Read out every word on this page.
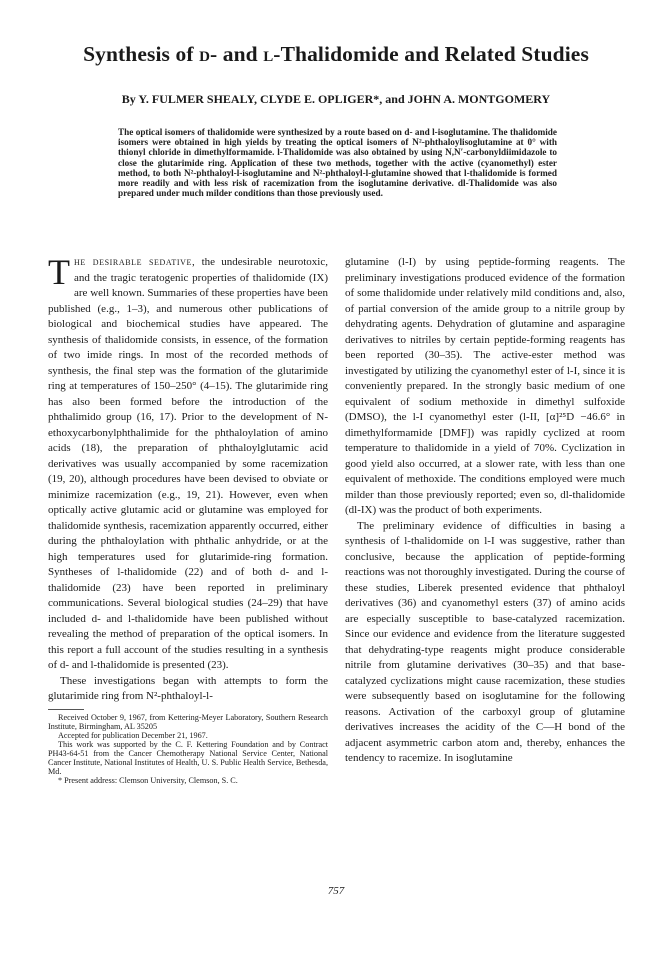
Synthesis of d- and l-Thalidomide and Related Studies
By Y. FULMER SHEALY, CLYDE E. OPLIGER*, and JOHN A. MONTGOMERY
The optical isomers of thalidomide were synthesized by a route based on d- and l-isoglutamine. The thalidomide isomers were obtained in high yields by treating the optical isomers of N²-phthaloylisoglutamine at 0° with thionyl chloride in dimethylformamide. l-Thalidomide was also obtained by using N,N′-carbonyldiimidazole to close the glutarimide ring. Application of these two methods, together with the active (cyanomethyl) ester method, to both N²-phthaloyl-l-isoglutamine and N²-phthaloyl-l-glutamine showed that l-thalidomide is formed more readily and with less risk of racemization from the isoglutamine derivative. dl-Thalidomide was also prepared under much milder conditions than those previously used.

The desirable sedative, the undesirable neurotoxic, and the tragic teratogenic properties of thalidomide (IX) are well known. Summaries of these properties have been published (e.g., 1–3), and numerous other publications of biological and biochemical studies have appeared. The synthesis of thalidomide consists, in essence, of the formation of two imide rings. In most of the recorded methods of synthesis, the final step was the formation of the glutarimide ring at temperatures of 150–250° (4–15). The glutarimide ring has also been formed before the introduction of the phthalimido group (16, 17). Prior to the development of N-ethoxycarbonylphthalimide for the phthaloylation of amino acids (18), the preparation of phthaloylglutamic acid derivatives was usually accompanied by some racemization (19, 20), although procedures have been devised to obviate or minimize racemization (e.g., 19, 21). However, even when optically active glutamic acid or glutamine was employed for thalidomide synthesis, racemization apparently occurred, either during the phthaloylation with phthalic anhydride, or at the high temperatures used for glutarimide-ring formation. Syntheses of l-thalidomide (22) and of both d- and l-thalidomide (23) have been reported in preliminary communications. Several biological studies (24–29) that have included d- and l-thalidomide have been published without revealing the method of preparation of the optical isomers. In this report a full account of the studies resulting in a synthesis of d- and l-thalidomide is presented (23).

These investigations began with attempts to form the glutarimide ring from N²-phthaloyl-l-

Received October 9, 1967, from Kettering-Meyer Laboratory, Southern Research Institute, Birmingham, AL 35205

Accepted for publication December 21, 1967.

This work was supported by the C. F. Kettering Foundation and by Contract PH43-64-51 from the Cancer Chemotherapy National Service Center, National Cancer Institute, National Institutes of Health, U. S. Public Health Service, Bethesda, Md.

* Present address: Clemson University, Clemson, S. C.

glutamine (l-I) by using peptide-forming reagents. The preliminary investigations produced evidence of the formation of some thalidomide under relatively mild conditions and, also, of partial conversion of the amide group to a nitrile group by dehydrating agents. Dehydration of glutamine and asparagine derivatives to nitriles by certain peptide-forming reagents has been reported (30–35). The active-ester method was investigated by utilizing the cyanomethyl ester of l-I, since it is conveniently prepared. In the strongly basic medium of one equivalent of sodium methoxide in dimethyl sulfoxide (DMSO), the l-I cyanomethyl ester (l-II, [α]²⁵D −46.6° in dimethylformamide [DMF]) was rapidly cyclized at room temperature to thalidomide in a yield of 70%. Cyclization in good yield also occurred, at a slower rate, with less than one equivalent of methoxide. The conditions employed were much milder than those previously reported; even so, dl-thalidomide (dl-IX) was the product of both experiments.

The preliminary evidence of difficulties in basing a synthesis of l-thalidomide on l-I was suggestive, rather than conclusive, because the application of peptide-forming reactions was not thoroughly investigated. During the course of these studies, Liberek presented evidence that phthaloyl derivatives (36) and cyanomethyl esters (37) of amino acids are especially susceptible to base-catalyzed racemization. Since our evidence and evidence from the literature suggested that dehydrating-type reagents might produce considerable nitrile from glutamine derivatives (30–35) and that base-catalyzed cyclizations might cause racemization, these studies were subsequently based on isoglutamine for the following reasons. Activation of the carboxyl group of glutamine derivatives increases the acidity of the C—H bond of the adjacent asymmetric carbon atom and, thereby, enhances the tendency to racemize. In isoglutamine

757
